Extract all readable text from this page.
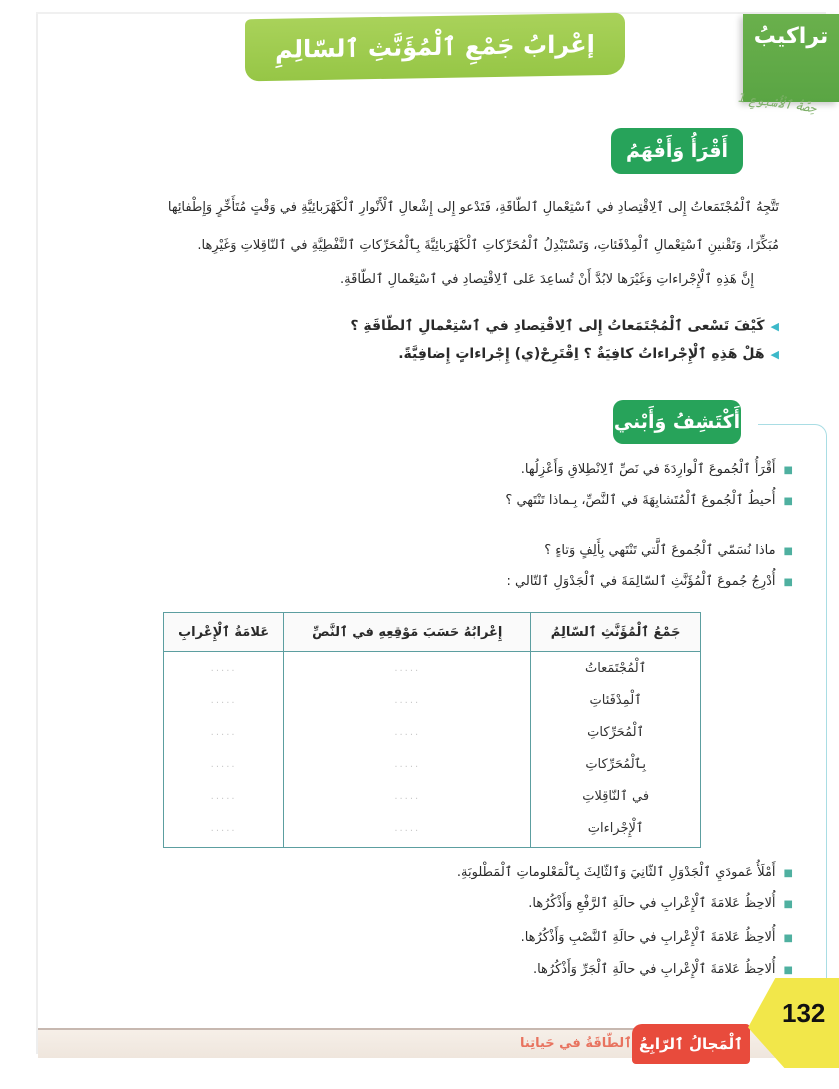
تراكيبُ
إعْرابُ جَمْعِ ٱلْمُؤَنَّثِ ٱلسّالِمِ
حِصَّةُ ٱلْأُسْبوعِ 1
أَقْرَأُ وَأَفْهَمُ
تَتَّجِهُ ٱلْمُجْتَمَعاتُ إِلى ٱلِاقْتِصادِ في ٱسْتِعْمالِ ٱلطّاقَةِ، فَتَدْعو إِلى إِشْعالِ ٱلْأَنْوارِ ٱلْكَهْرَبائِيَّةِ في وَقْتٍ مُتَأَخِّرٍ وَإِطْفائِها
مُبَكِّرًا، وَتَقْنينِ ٱسْتِعْمالِ ٱلْمِدْفَئاتِ، وَتَسْتَبْدِلُ ٱلْمُحَرِّكاتِ ٱلْكَهْرَبائِيَّةَ بِٱلْمُحَرِّكاتِ ٱلنَّفْطِيَّةِ في ٱلنّاقِلاتِ وَغَيْرِها.
إِنَّ هَذِهِ ٱلْإِجْراءاتِ وَغَيْرَها لابُدَّ أَنْ تُساعِدَ عَلى ٱلِاقْتِصادِ في ٱسْتِعْمالِ ٱلطّاقَةِ.
◀كَيْفَ تَسْعى ٱلْمُجْتَمَعاتُ إِلى ٱلِاقْتِصادِ في ٱسْتِعْمالِ ٱلطّاقَةِ ؟
◀هَلْ هَذِهِ ٱلْإِجْراءاتُ كافِيَةٌ ؟ اِقْتَرِحْ(ي) إِجْراءاتٍ إِضافِيَّةً.
أَكْتَشِفُ وَأَبْني
■أَقْرَأُ ٱلْجُموعَ ٱلْوارِدَةَ في نَصِّ ٱلِانْطِلاقِ وَأَعْزِلُها.
■أُحيطُ ٱلْجُموعَ ٱلْمُتَشابِهَةَ في ٱلنَّصِّ، بِـماذا تَنْتَهي ؟
■ماذا نُسَمّي ٱلْجُموعَ ٱلَّتي تَنْتَهي بِأَلِفٍ وَتاءٍ ؟
■أُدْرِجُ جُموعَ ٱلْمُؤَنَّثِ ٱلسّالِمَةَ في ٱلْجَدْوَلِ ٱلتّالي :
جَمْعُ ٱلْمُؤَنَّثِ ٱلسّالِمُ	إِعْرابُهُ حَسَبَ مَوْقِعِهِ في ٱلنَّصِّ	عَلامَةُ ٱلْإِعْرابِ
ٱلْمُجْتَمَعاتُ	.....	.....
ٱلْمِدْفَئاتِ	.....	.....
ٱلْمُحَرِّكاتِ	.....	.....
بِٱلْمُحَرِّكاتِ	.....	.....
في ٱلنّاقِلاتِ	.....	.....
ٱلْإِجْراءاتِ	.....	.....
■أَمْلَأُ عَمودَيِ ٱلْجَدْوَلِ ٱلثّانِيَ وَٱلثّالِثَ بِٱلْمَعْلوماتِ ٱلْمَطْلوبَةِ.
■أُلاحِظُ عَلامَةَ ٱلْإِعْرابِ في حالَةِ ٱلرَّفْعِ وَأَذْكُرُها.
■أُلاحِظُ عَلامَةَ ٱلْإِعْرابِ في حالَةِ ٱلنَّصْبِ وَأَذْكُرُها.
■أُلاحِظُ عَلامَةَ ٱلْإِعْرابِ في حالَةِ ٱلْجَرِّ وَأَذْكُرُها.
ٱلطّاقَةُ في حَياتِنا ٱلْمَجالُ ٱلرّابِعُ
132
